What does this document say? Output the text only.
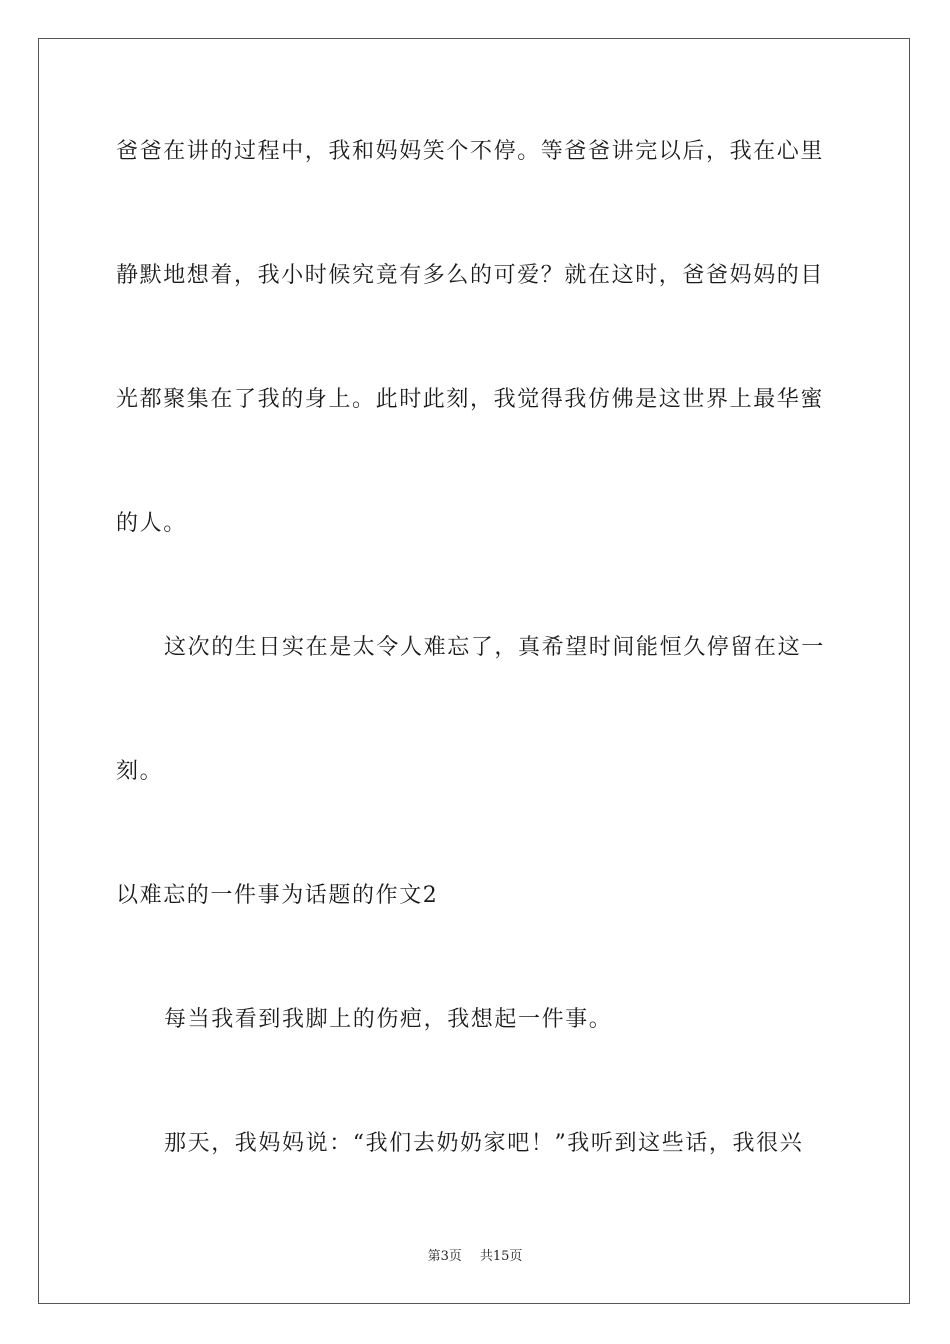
爸爸在讲的过程中，我和妈妈笑个不停。等爸爸讲完以后，我在心里
静默地想着，我小时候究竟有多么的可爱？就在这时，爸爸妈妈的目
光都聚集在了我的身上。此时此刻，我觉得我仿佛是这世界上最华蜜
的人。
这次的生日实在是太令人难忘了，真希望时间能恒久停留在这一
刻。
以难忘的一件事为话题的作文2
每当我看到我脚上的伤疤，我想起一件事。
那天，我妈妈说：“我们去奶奶家吧！”我听到这些话，我很兴
第3页 共15页
